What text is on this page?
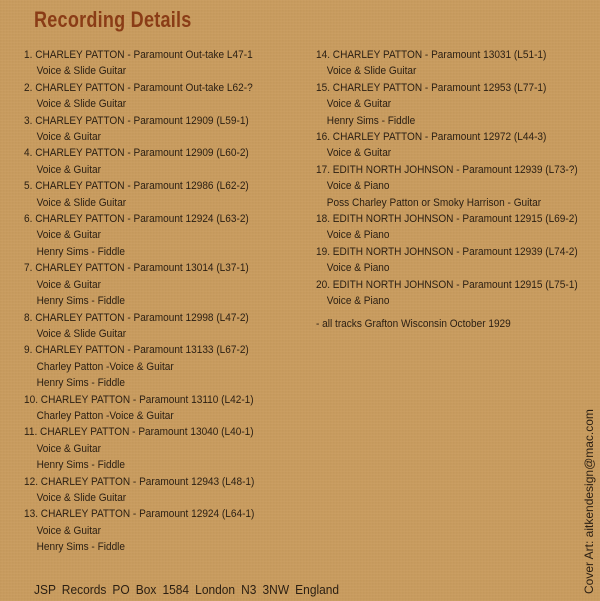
Recording Details
1. CHARLEY PATTON - Paramount Out-take L47-1
Voice & Slide Guitar
2. CHARLEY PATTON - Paramount Out-take L62-?
Voice & Slide Guitar
3. CHARLEY PATTON - Paramount 12909 (L59-1)
Voice & Guitar
4. CHARLEY PATTON - Paramount 12909 (L60-2)
Voice & Guitar
5. CHARLEY PATTON - Paramount 12986 (L62-2)
Voice & Slide Guitar
6. CHARLEY PATTON - Paramount 12924 (L63-2)
Voice & Guitar
Henry Sims - Fiddle
7. CHARLEY PATTON - Paramount 13014 (L37-1)
Voice & Guitar
Henry Sims - Fiddle
8. CHARLEY PATTON - Paramount 12998 (L47-2)
Voice & Slide Guitar
9. CHARLEY PATTON - Paramount 13133 (L67-2)
Charley Patton -Voice & Guitar
Henry Sims - Fiddle
10. CHARLEY PATTON - Paramount 13110 (L42-1)
Charley Patton -Voice & Guitar
11. CHARLEY PATTON - Paramount 13040 (L40-1)
Voice & Guitar
Henry Sims - Fiddle
12. CHARLEY PATTON - Paramount 12943 (L48-1)
Voice & Slide Guitar
13. CHARLEY PATTON - Paramount 12924 (L64-1)
Voice & Guitar
Henry Sims - Fiddle
14. CHARLEY PATTON - Paramount 13031 (L51-1)
Voice & Slide Guitar
15. CHARLEY PATTON - Paramount 12953 (L77-1)
Voice & Guitar
Henry Sims - Fiddle
16. CHARLEY PATTON - Paramount 12972 (L44-3)
Voice & Guitar
17. EDITH NORTH JOHNSON - Paramount 12939 (L73-?)
Voice & Piano
Poss Charley Patton or Smoky Harrison - Guitar
18. EDITH NORTH JOHNSON - Paramount 12915 (L69-2)
Voice & Piano
19. EDITH NORTH JOHNSON - Paramount 12939 (L74-2)
Voice & Piano
20. EDITH NORTH JOHNSON - Paramount 12915 (L75-1)
Voice & Piano
- all tracks Grafton Wisconsin October 1929
JSP Records PO Box 1584 London N3 3NW England	Cover Art: aitkendesign@mac.com
